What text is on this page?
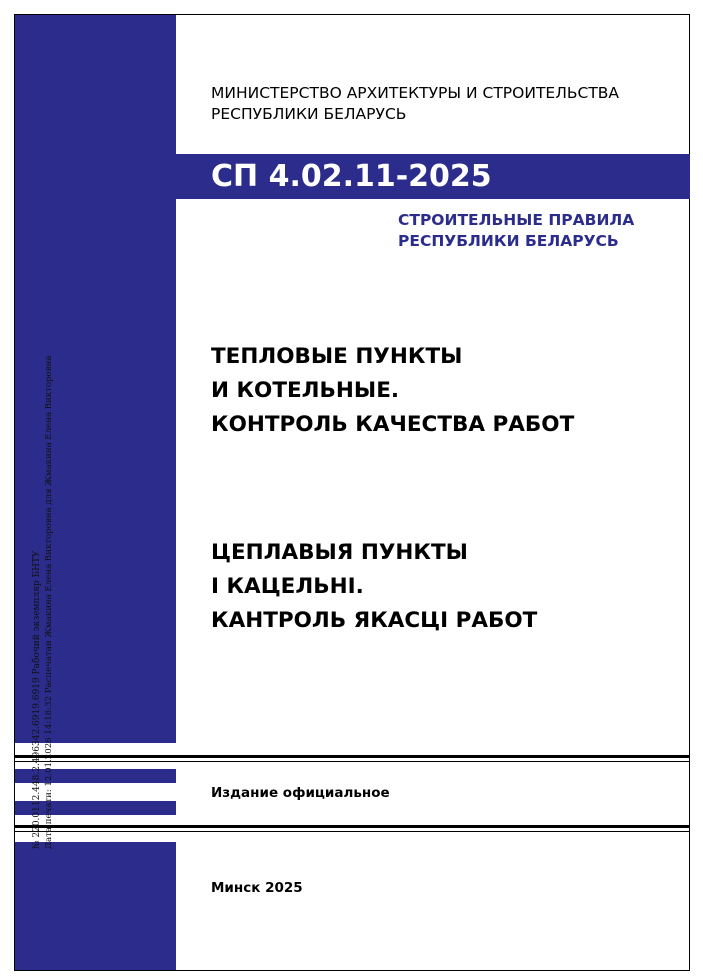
МИНИСТЕРСТВО АРХИТЕКТУРЫ И СТРОИТЕЛЬСТВА
РЕСПУБЛИКИ БЕЛАРУСЬ
СП 4.02.11-2025
СТРОИТЕЛЬНЫЕ ПРАВИЛА
РЕСПУБЛИКИ БЕЛАРУСЬ
ТЕПЛОВЫЕ ПУНКТЫ
И КОТЕЛЬНЫЕ.
КОНТРОЛЬ КАЧЕСТВА РАБОТ
ЦЕПЛАВЫЯ ПУНКТЫ
І КАЦЕЛЬНІ.
КАНТРОЛЬ ЯКАСЦІ РАБОТ
Издание официальное
Минск 2025
№ 220.0112.448.2.496342.6919.6919 Рабочий экземпляр БНТУ Дата печати: 12.01.2026 14:18:32 Распечатан Жмакина Елена Викторовна для Жмакина Елена Викторовна
